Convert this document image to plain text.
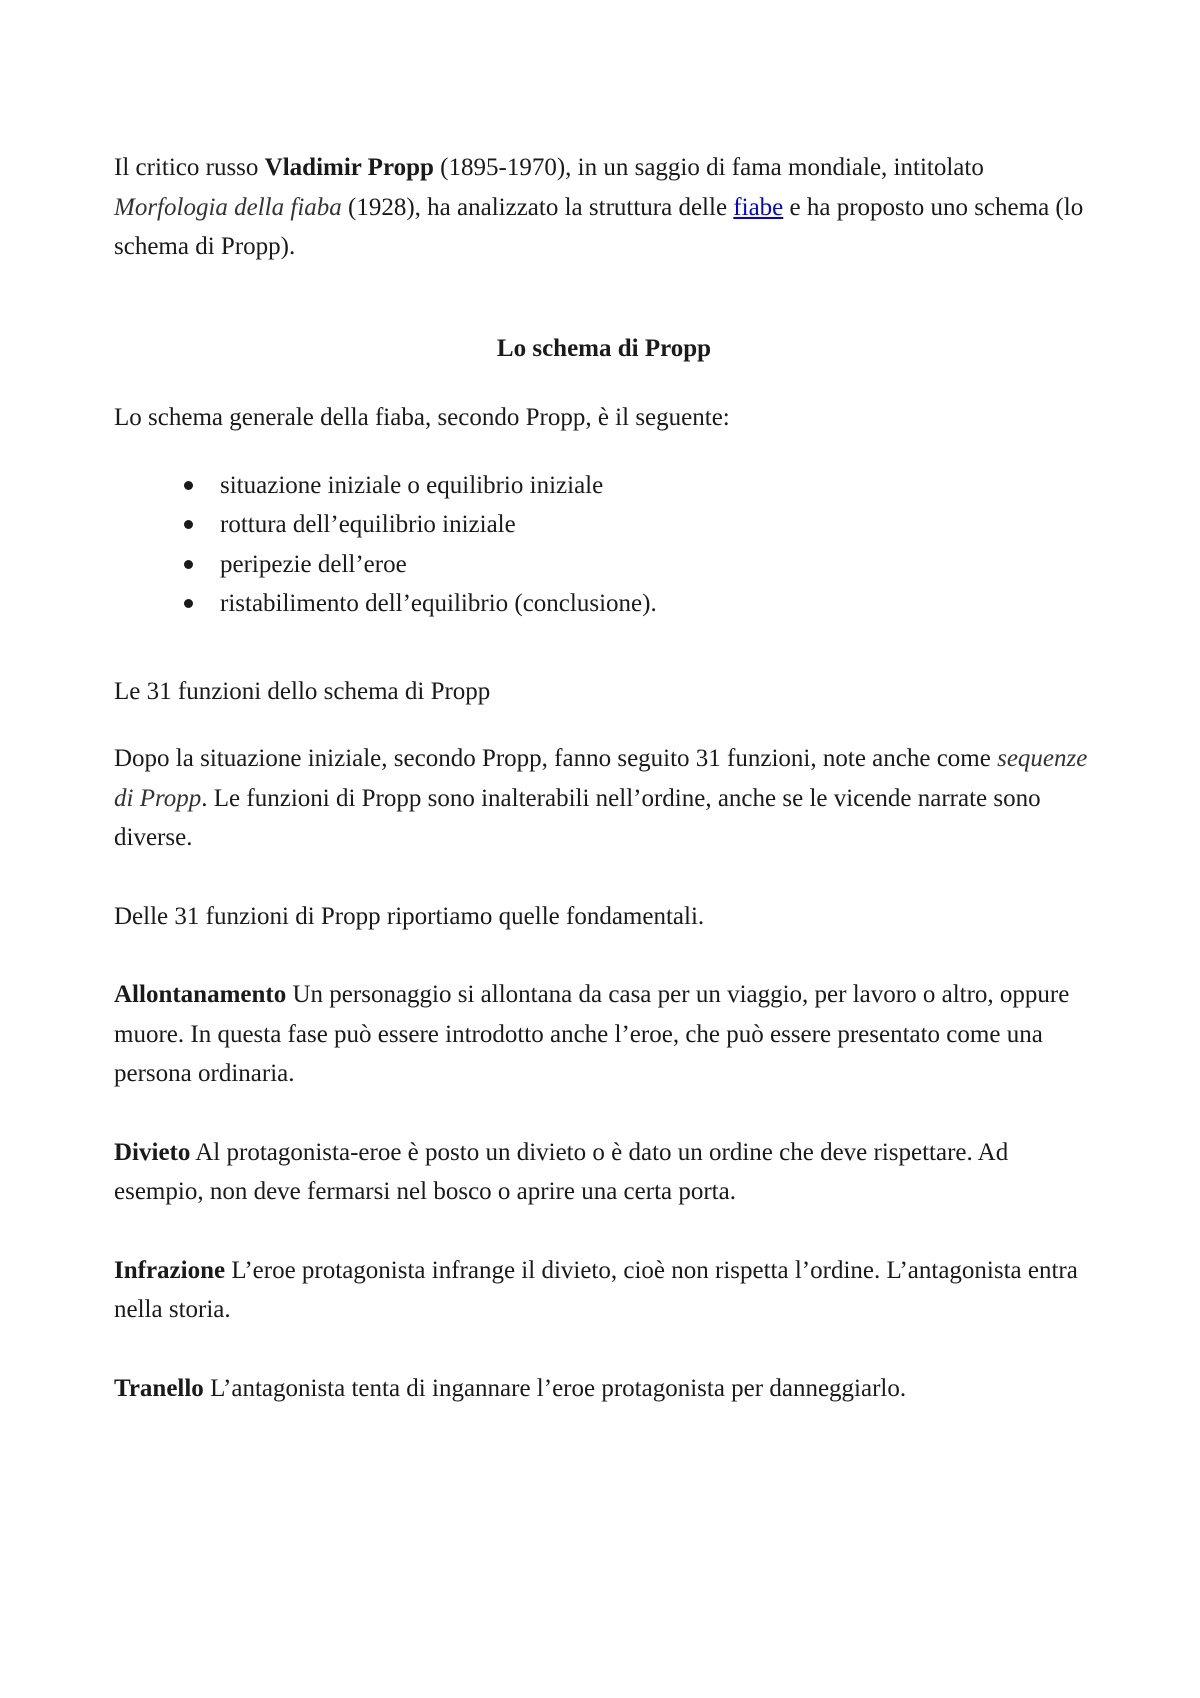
Il critico russo Vladimir Propp (1895-1970), in un saggio di fama mondiale, intitolato Morfologia della fiaba (1928), ha analizzato la struttura delle fiabe e ha proposto uno schema (lo schema di Propp).

Lo schema di Propp

Lo schema generale della fiaba, secondo Propp, è il seguente:

situazione iniziale o equilibrio iniziale
rottura dell’equilibrio iniziale
peripezie dell’eroe
ristabilimento dell’equilibrio (conclusione).

Le 31 funzioni dello schema di Propp

Dopo la situazione iniziale, secondo Propp, fanno seguito 31 funzioni, note anche come sequenze di Propp. Le funzioni di Propp sono inalterabili nell’ordine, anche se le vicende narrate sono diverse.

Delle 31 funzioni di Propp riportiamo quelle fondamentali.

Allontanamento Un personaggio si allontana da casa per un viaggio, per lavoro o altro, oppure muore. In questa fase può essere introdotto anche l’eroe, che può essere presentato come una persona ordinaria.

Divieto Al protagonista-eroe è posto un divieto o è dato un ordine che deve rispettare. Ad esempio, non deve fermarsi nel bosco o aprire una certa porta.

Infrazione L’eroe protagonista infrange il divieto, cioè non rispetta l’ordine. L’antagonista entra nella storia.

Tranello L’antagonista tenta di ingannare l’eroe protagonista per danneggiarlo.
